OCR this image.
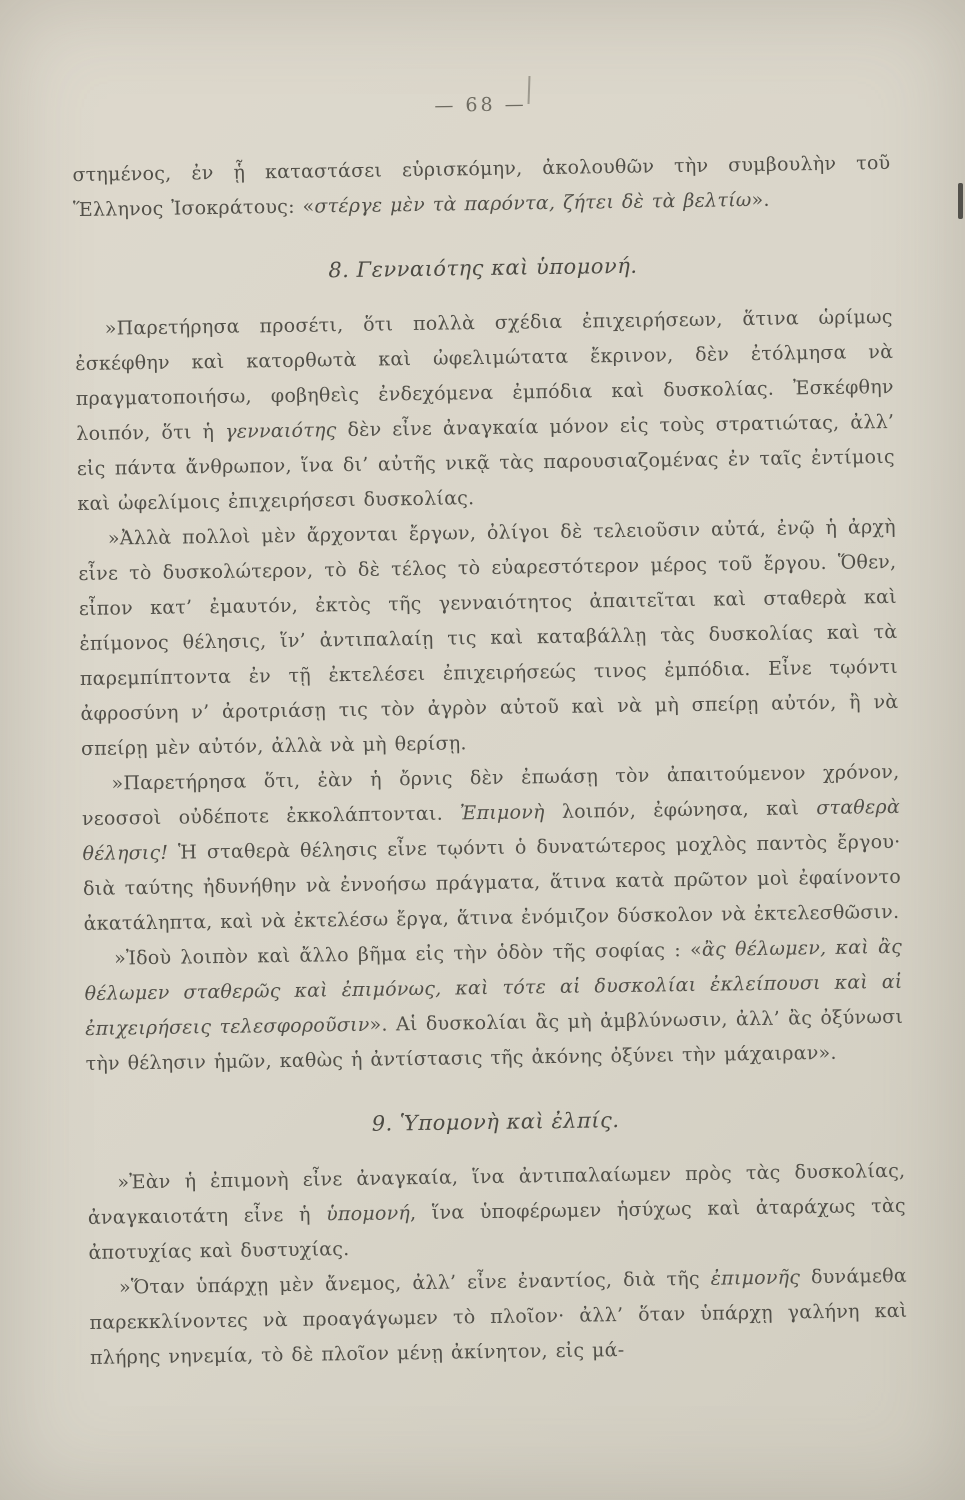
— 68 —

στημένος, ἐν ᾗ καταστάσει εὑρισκόμην, ἀκολουθῶν τὴν συμβουλὴν τοῦ Ἕλληνος Ἰσοκράτους: «στέργε μὲν τὰ παρόντα, ζήτει δὲ τὰ βελτίω».

8. Γενναιότης καὶ ὑπομονή.

»Παρετήρησα προσέτι, ὅτι πολλὰ σχέδια ἐπιχειρήσεων, ἅτινα ὡρίμως ἐσκέφθην καὶ κατορθωτὰ καὶ ὠφελιμώτατα ἔκρινον, δὲν ἐτόλμησα νὰ πραγματοποιήσω, φοβηθεὶς ἐνδεχόμενα ἐμπόδια καὶ δυσκολίας. Ἐσκέφθην λοιπόν, ὅτι ἡ γενναιότης δὲν εἶνε ἀναγκαία μόνον εἰς τοὺς στρατιώτας, ἀλλ’ εἰς πάντα ἄνθρωπον, ἵνα δι’ αὐτῆς νικᾷ τὰς παρουσιαζομένας ἐν ταῖς ἐντίμοις καὶ ὠφελίμοις ἐπιχειρήσεσι δυσκολίας.

»Ἀλλὰ πολλοὶ μὲν ἄρχονται ἔργων, ὀλίγοι δὲ τελειοῦσιν αὐτά, ἐνῷ ἡ ἀρχὴ εἶνε τὸ δυσκολώτερον, τὸ δὲ τέλος τὸ εὐαρεστότερον μέρος τοῦ ἔργου. Ὅθεν, εἶπον κατ’ ἐμαυτόν, ἐκτὸς τῆς γενναιότητος ἀπαιτεῖται καὶ σταθερὰ καὶ ἐπίμονος θέλησις, ἵν’ ἀντιπαλαίῃ τις καὶ καταβάλλῃ τὰς δυσκολίας καὶ τὰ παρεμπίπτοντα ἐν τῇ ἐκτελέσει ἐπιχειρήσεώς τινος ἐμπόδια. Εἶνε τῳόντι ἀφροσύνη ν’ ἀροτριάσῃ τις τὸν ἀγρὸν αὐτοῦ καὶ νὰ μὴ σπείρῃ αὐτόν, ἢ νὰ σπείρῃ μὲν αὐτόν, ἀλλὰ νὰ μὴ θερίσῃ.

»Παρετήρησα ὅτι, ἐὰν ἡ ὄρνις δὲν ἐπωάσῃ τὸν ἀπαιτούμενον χρόνον, νεοσσοὶ οὐδέποτε ἐκκολάπτονται. Ἐπιμονὴ λοιπόν, ἐφώνησα, καὶ σταθερὰ θέλησις! Ἡ σταθερὰ θέλησις εἶνε τῳόντι ὁ δυνατώτερος μοχλὸς παντὸς ἔργου· διὰ ταύτης ἠδυνήθην νὰ ἐννοήσω πράγματα, ἅτινα κατὰ πρῶτον μοὶ ἐφαίνοντο ἀκατάληπτα, καὶ νὰ ἐκτελέσω ἔργα, ἅτινα ἐνόμιζον δύσκολον νὰ ἐκτελεσθῶσιν.

»Ἰδοὺ λοιπὸν καὶ ἄλλο βῆμα εἰς τὴν ὁδὸν τῆς σοφίας : «ἂς θέλωμεν, καὶ ἂς θέλωμεν σταθερῶς καὶ ἐπιμόνως, καὶ τότε αἱ δυσκολίαι ἐκλείπουσι καὶ αἱ ἐπιχειρήσεις τελεσφοροῦσιν». Αἱ δυσκολίαι ἂς μὴ ἀμβλύνωσιν, ἀλλ’ ἂς ὀξύνωσι τὴν θέλησιν ἡμῶν, καθὼς ἡ ἀντίστασις τῆς ἀκόνης ὀξύνει τὴν μάχαιραν».

9. Ὑπομονὴ καὶ ἐλπίς.

»Ἐὰν ἡ ἐπιμονὴ εἶνε ἀναγκαία, ἵνα ἀντιπαλαίωμεν πρὸς τὰς δυσκολίας, ἀναγκαιοτάτη εἶνε ἡ ὑπομονή, ἵνα ὑποφέρωμεν ἡσύχως καὶ ἀταράχως τὰς ἀποτυχίας καὶ δυστυχίας.

»Ὅταν ὑπάρχῃ μὲν ἄνεμος, ἀλλ’ εἶνε ἐναντίος, διὰ τῆς ἐπιμονῆς δυνάμεθα παρεκκλίνοντες νὰ προαγάγωμεν τὸ πλοῖον· ἀλλ’ ὅταν ὑπάρχῃ γαλήνη καὶ πλήρης νηνεμία, τὸ δὲ πλοῖον μένῃ ἀκίνητον, εἰς μά-
